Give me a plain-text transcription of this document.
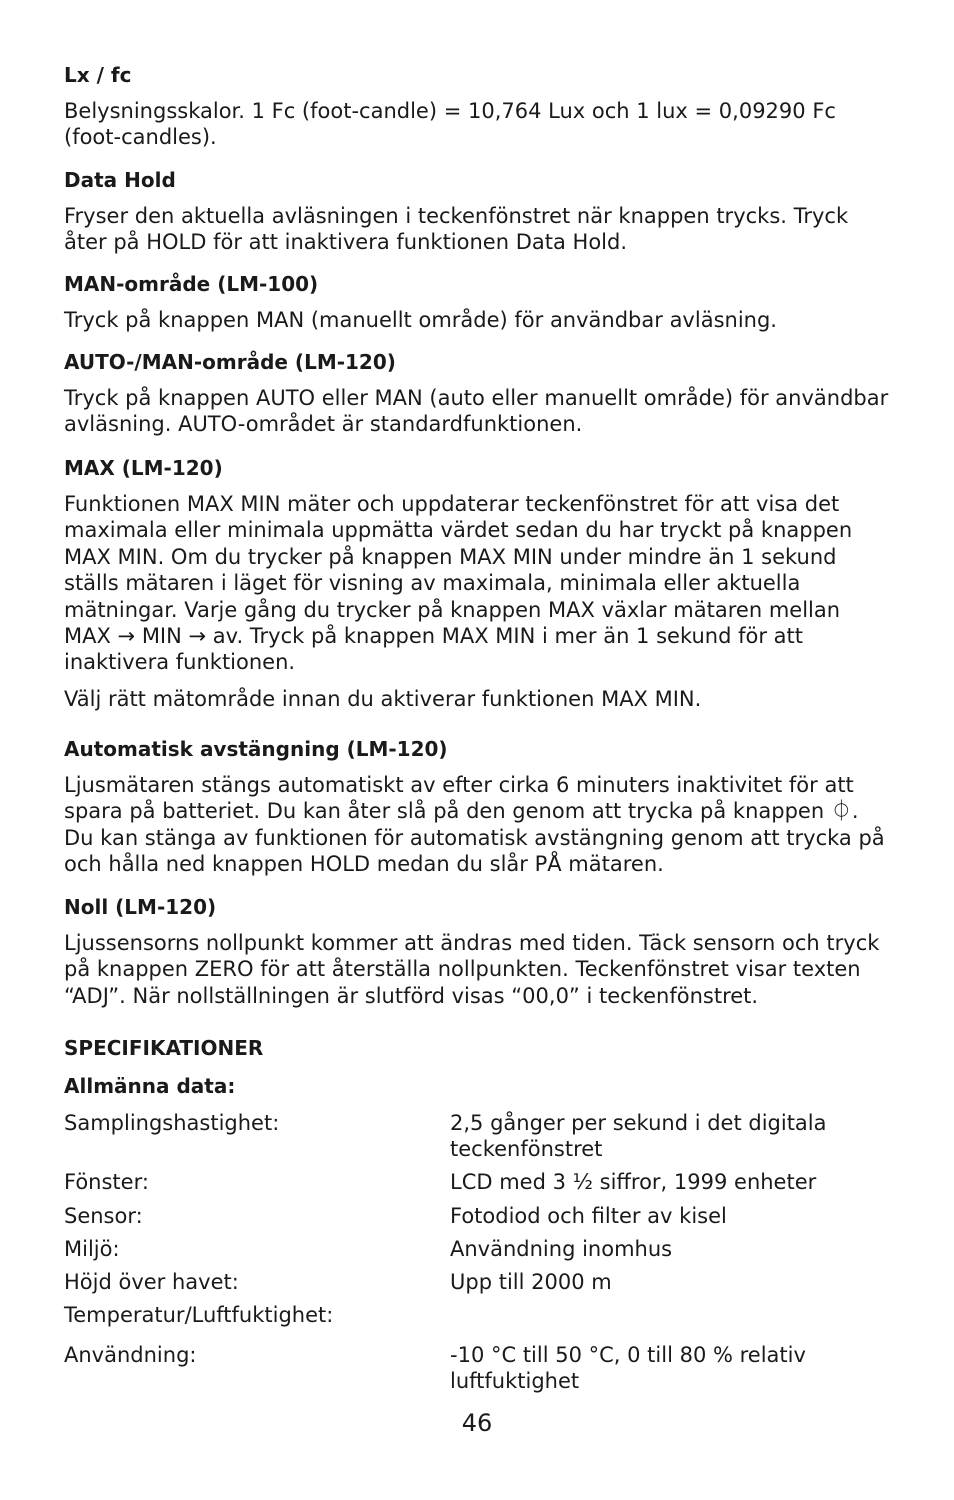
Lx / fc

Belysningsskalor. 1 Fc (foot-candle) = 10,764 Lux och 1 lux = 0,09290 Fc (foot-candles).

Data Hold

Fryser den aktuella avläsningen i teckenfönstret när knappen trycks. Tryck åter på HOLD för att inaktivera funktionen Data Hold.

MAN-område (LM-100)

Tryck på knappen MAN (manuellt område) för användbar avläsning.

AUTO-/MAN-område (LM-120)

Tryck på knappen AUTO eller MAN (auto eller manuellt område) för användbar avläsning. AUTO-området är standardfunktionen.

MAX (LM-120)

Funktionen MAX MIN mäter och uppdaterar teckenfönstret för att visa det maximala eller minimala uppmätta värdet sedan du har tryckt på knappen MAX MIN. Om du trycker på knappen MAX MIN under mindre än 1 sekund ställs mätaren i läget för visning av maximala, minimala eller aktuella mätningar. Varje gång du trycker på knappen MAX växlar mätaren mellan MAX → MIN → av. Tryck på knappen MAX MIN i mer än 1 sekund för att inaktivera funktionen.

Välj rätt mätområde innan du aktiverar funktionen MAX MIN.

Automatisk avstängning (LM-120)

Ljusmätaren stängs automatiskt av efter cirka 6 minuters inaktivitet för att spara på batteriet. Du kan åter slå på den genom att trycka på knappen ⏀. Du kan stänga av funktionen för automatisk avstängning genom att trycka på och hålla ned knappen HOLD medan du slår PÅ mätaren.

Noll (LM-120)

Ljussensorns nollpunkt kommer att ändras med tiden. Täck sensorn och tryck på knappen ZERO för att återställa nollpunkten. Teckenfönstret visar texten “ADJ”. När nollställningen är slutförd visas “00,0” i teckenfönstret.

SPECIFIKATIONER
Allmänna data:
Samplingshastighet:	2,5 gånger per sekund i det digitala teckenfönstret
Fönster:	LCD med 3 ½ siffror, 1999 enheter
Sensor:	Fotodiod och filter av kisel
Miljö:	Användning inomhus
Höjd över havet:	Upp till 2000 m
Temperatur/Luftfuktighet:
Användning:	-10 °C till 50 °C, 0 till 80 % relativ luftfuktighet
46
